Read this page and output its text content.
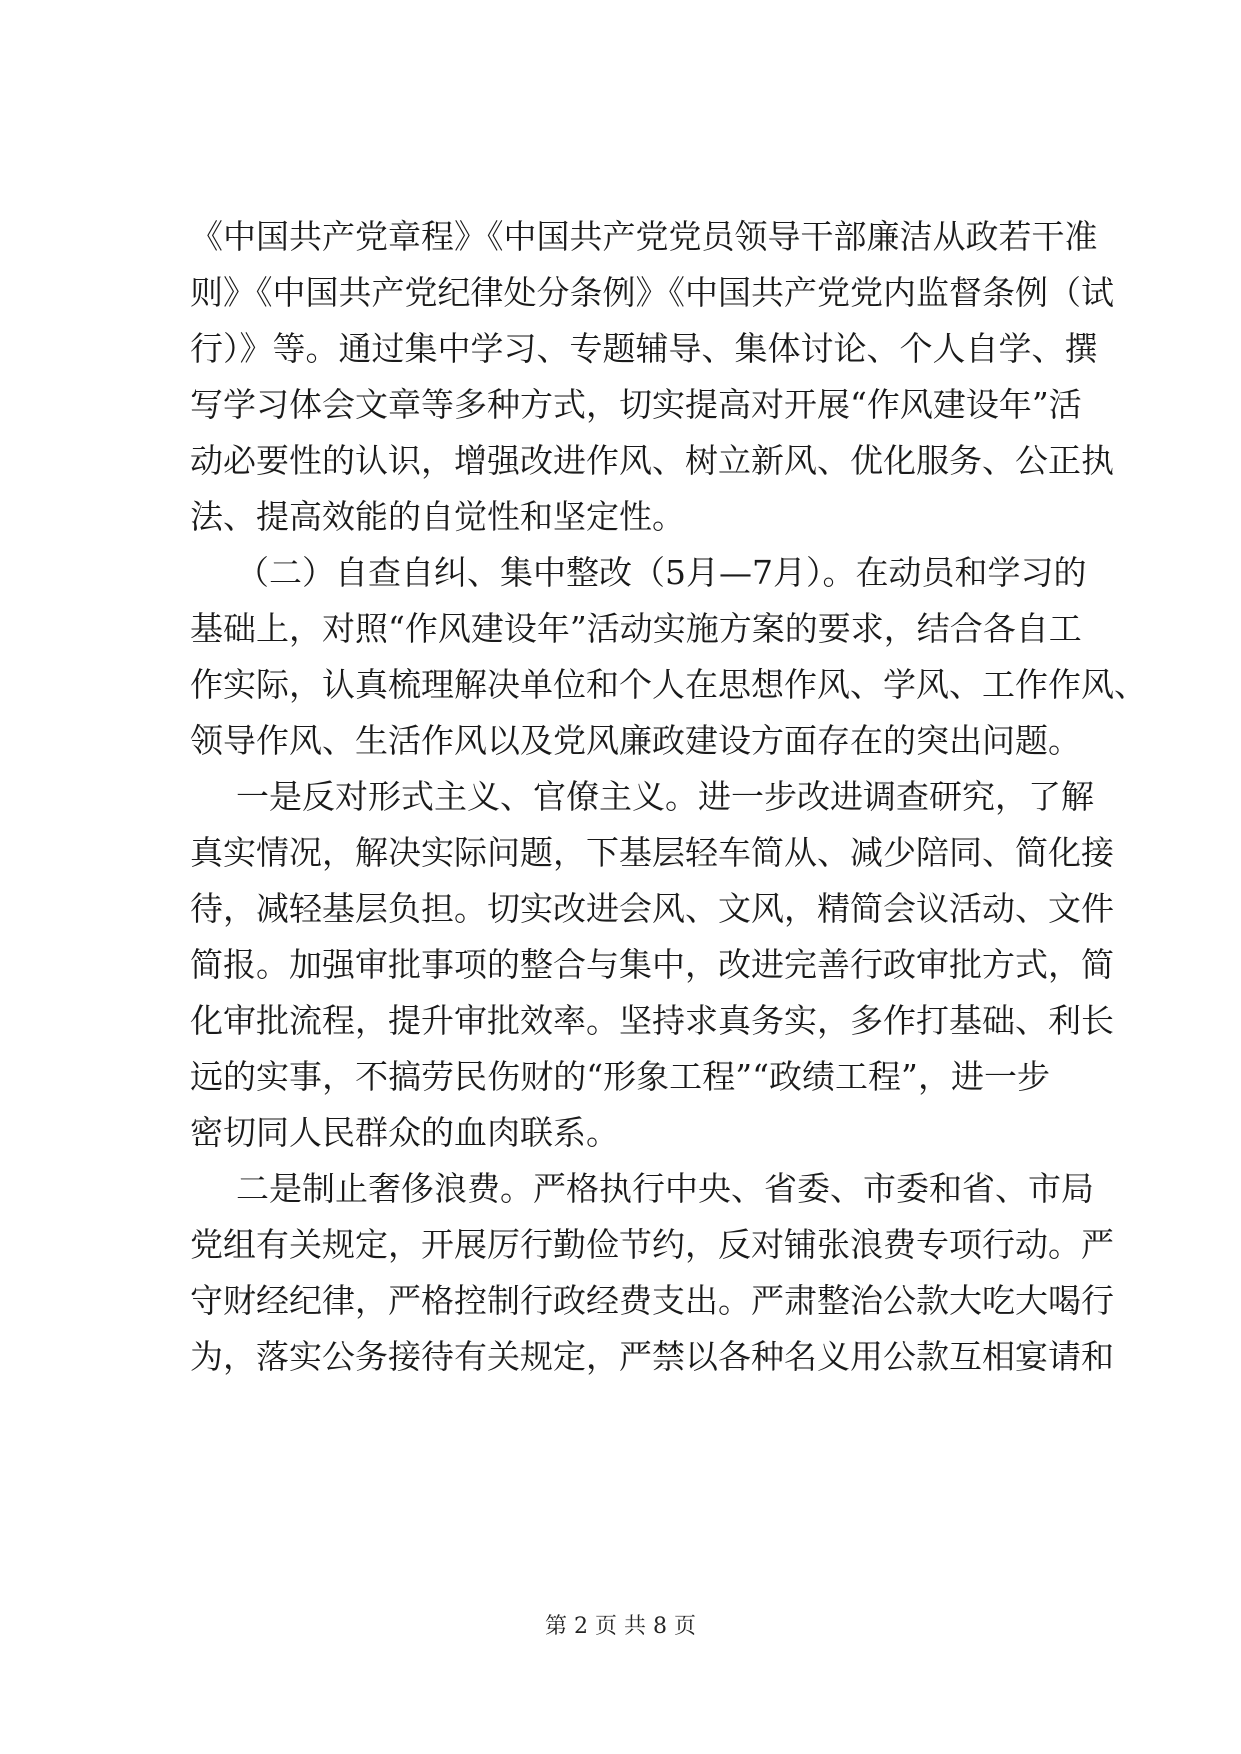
《中国共产党章程》《中国共产党党员领导干部廉洁从政若干准
则》《中国共产党纪律处分条例》《中国共产党党内监督条例（试
行）》等。通过集中学习、专题辅导、集体讨论、个人自学、撰
写学习体会文章等多种方式，切实提高对开展“作风建设年”活
动必要性的认识，增强改进作风、树立新风、优化服务、公正执
法、提高效能的自觉性和坚定性。
（二）自查自纠、集中整改（5月—7月）。在动员和学习的
基础上，对照“作风建设年”活动实施方案的要求，结合各自工
作实际，认真梳理解决单位和个人在思想作风、学风、工作作风、
领导作风、生活作风以及党风廉政建设方面存在的突出问题。
一是反对形式主义、官僚主义。进一步改进调查研究，了解
真实情况，解决实际问题，下基层轻车简从、减少陪同、简化接
待，减轻基层负担。切实改进会风、文风，精简会议活动、文件
简报。加强审批事项的整合与集中，改进完善行政审批方式，简
化审批流程，提升审批效率。坚持求真务实，多作打基础、利长
远的实事，不搞劳民伤财的“形象工程”“政绩工程”，进一步
密切同人民群众的血肉联系。
二是制止奢侈浪费。严格执行中央、省委、市委和省、市局
党组有关规定，开展厉行勤俭节约，反对铺张浪费专项行动。严
守财经纪律，严格控制行政经费支出。严肃整治公款大吃大喝行
为，落实公务接待有关规定，严禁以各种名义用公款互相宴请和
第 2 页 共 8 页
